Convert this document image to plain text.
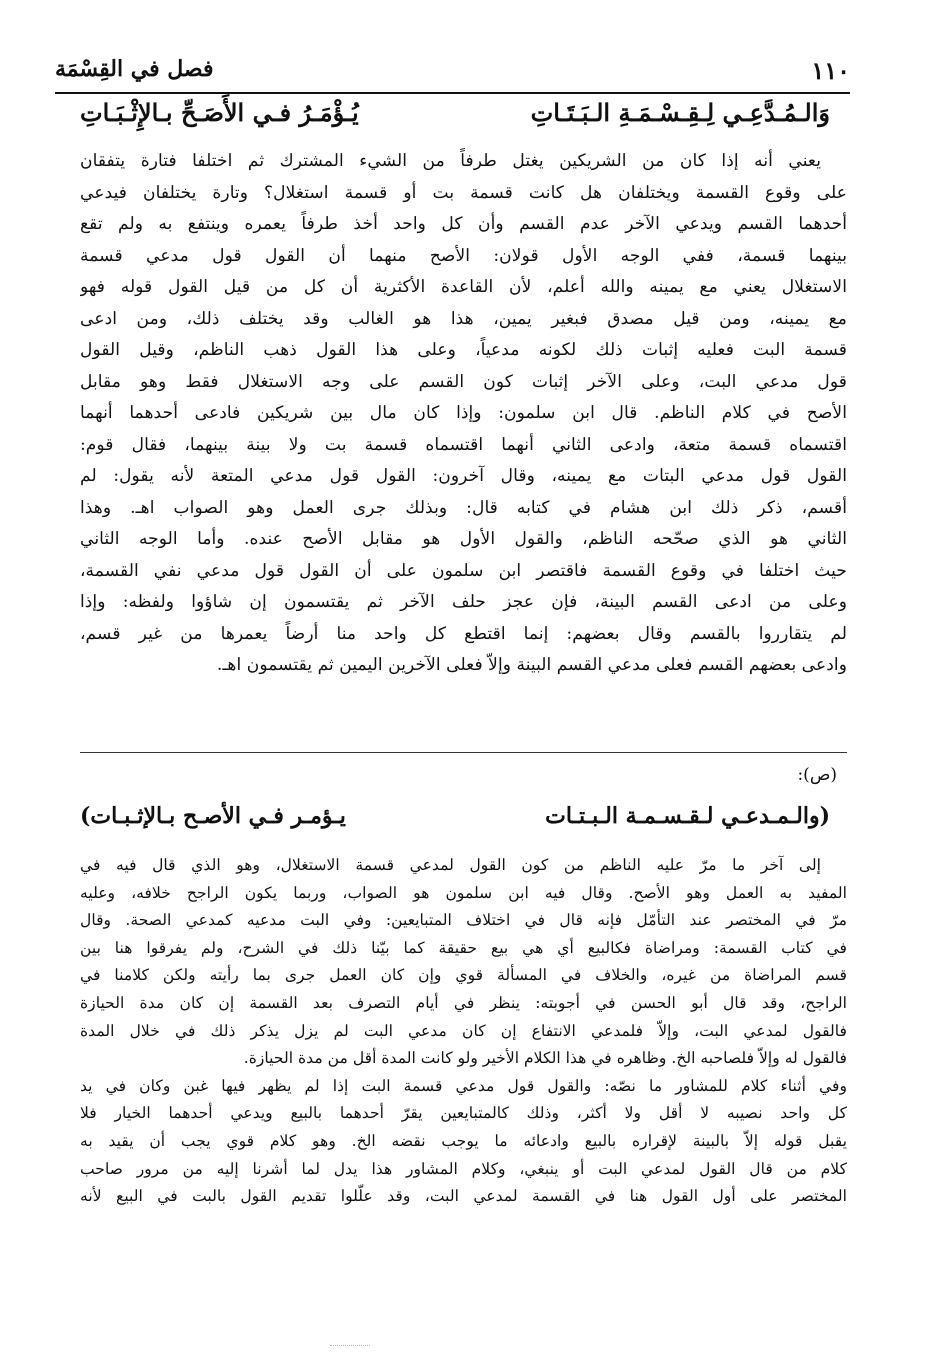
١١٠
فصل في القِسْمَة
وَالـمُـدَّعِـي لِـقِـسْـمَـةِ الـبَـتَـاتِ
يُـؤْمَـرُ فـي الأَصَـحِّ بـالإِثْـبَـاتِ
يعني أنه إذا كان من الشريكين يغتل طرفاً من الشيء المشترك ثم اختلفا فتارة يتفقان
على وقوع القسمة ويختلفان هل كانت قسمة بت أو قسمة استغلال؟ وتارة يختلفان فيدعي
أحدهما القسم ويدعي الآخر عدم القسم وأن كل واحد أخذ طرفاً يعمره وينتفع به ولم تقع
بينهما قسمة، ففي الوجه الأول قولان: الأصح منهما أن القول قول مدعي قسمة
الاستغلال يعني مع يمينه والله أعلم، لأن القاعدة الأكثرية أن كل من قيل القول قوله فهو
مع يمينه، ومن قيل مصدق فبغير يمين، هذا هو الغالب وقد يختلف ذلك، ومن ادعى
قسمة البت فعليه إثبات ذلك لكونه مدعياً، وعلى هذا القول ذهب الناظم، وقيل القول
قول مدعي البت، وعلى الآخر إثبات كون القسم على وجه الاستغلال فقط وهو مقابل
الأصح في كلام الناظم. قال ابن سلمون: وإذا كان مال بين شريكين فادعى أحدهما أنهما
اقتسماه قسمة متعة، وادعى الثاني أنهما اقتسماه قسمة بت ولا بينة بينهما، فقال قوم:
القول قول مدعي البتات مع يمينه، وقال آخرون: القول قول مدعي المتعة لأنه يقول: لم
أقسم، ذكر ذلك ابن هشام في كتابه قال: وبذلك جرى العمل وهو الصواب اهـ. وهذا
الثاني هو الذي صحّحه الناظم، والقول الأول هو مقابل الأصح عنده. وأما الوجه الثاني
حيث اختلفا في وقوع القسمة فاقتصر ابن سلمون على أن القول قول مدعي نفي القسمة،
وعلى من ادعى القسم البينة، فإن عجز حلف الآخر ثم يقتسمون إن شاؤوا ولفظه: وإذا
لم يتقارروا بالقسم وقال بعضهم: إنما اقتطع كل واحد منا أرضاً يعمرها من غير قسم،
وادعى بعضهم القسم فعلى مدعي القسم البينة وإلاّ فعلى الآخرين اليمين ثم يقتسمون اهـ.
(ص):
(والـمـدعـي لـقـسـمـة الـبـتـات
يـؤمـر فـي الأصـح بـالإثـبـات)
إلى آخر ما مرّ عليه الناظم من كون القول لمدعي قسمة الاستغلال، وهو الذي قال فيه في
المفيد به العمل وهو الأصح. وقال فيه ابن سلمون هو الصواب، وربما يكون الراجح خلافه، وعليه
مرّ في المختصر عند التأمّل فإنه قال في اختلاف المتبايعين: وفي البت مدعيه كمدعي الصحة. وقال
في كتاب القسمة: ومراضاة فكالبيع أي هي بيع حقيقة كما بيّنا ذلك في الشرح، ولم يفرقوا هنا بين
قسم المراضاة من غيره، والخلاف في المسألة قوي وإن كان العمل جرى بما رأيته ولكن كلامنا في
الراجح، وقد قال أبو الحسن في أجوبته: ينظر في أيام التصرف بعد القسمة إن كان مدة الحيازة
فالقول لمدعي البت، وإلاّ فلمدعي الانتفاع إن كان مدعي البت لم يزل يذكر ذلك في خلال المدة
فالقول له وإلاّ فلصاحبه الخ. وظاهره في هذا الكلام الأخير ولو كانت المدة أقل من مدة الحيازة.
وفي أثناء كلام للمشاور ما نصّه: والقول قول مدعي قسمة البت إذا لم يظهر فيها غبن وكان في يد
كل واحد نصيبه لا أقل ولا أكثر، وذلك كالمتبايعين يقرّ أحدهما بالبيع ويدعي أحدهما الخيار فلا
يقبل قوله إلاّ بالبينة لإقراره بالبيع وادعائه ما يوجب نقضه الخ. وهو كلام قوي يجب أن يقيد به
كلام من قال القول لمدعي البت أو ينبغي، وكلام المشاور هذا يدل لما أشرنا إليه من مرور صاحب
المختصر على أول القول هنا في القسمة لمدعي البت، وقد علّلوا تقديم القول بالبت في البيع لأنه
